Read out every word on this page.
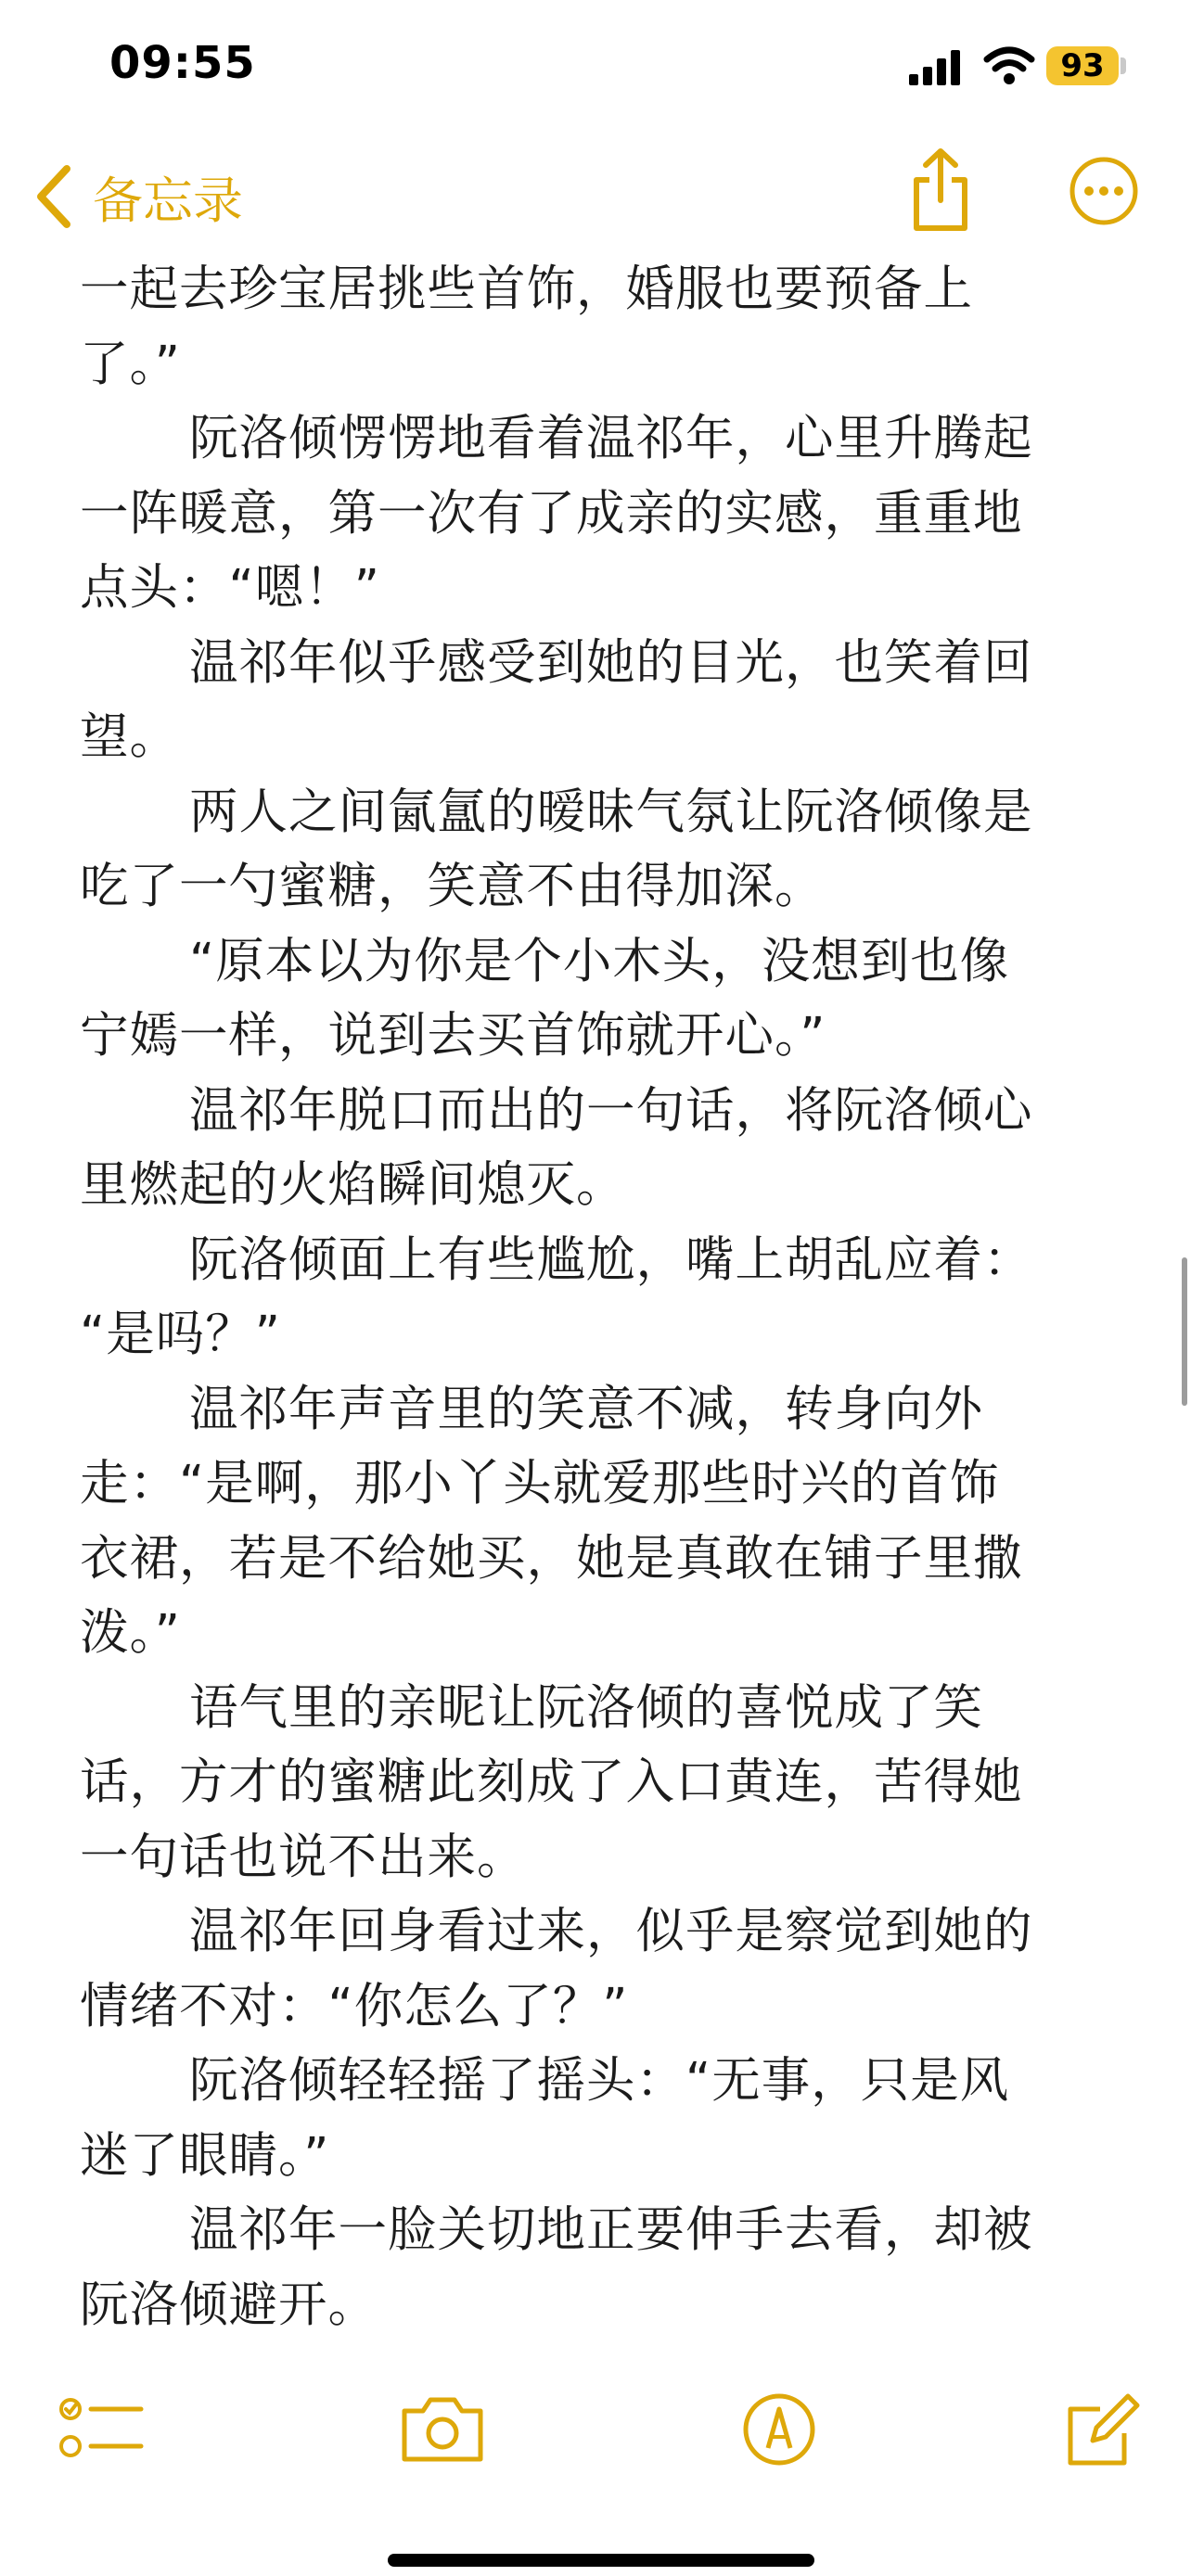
09:55	93
备忘录
一起去珍宝居挑些首饰，婚服也要预备上
了。”
阮洛倾愣愣地看着温祁年，心里升腾起
一阵暖意，第一次有了成亲的实感，重重地
点头：“嗯！”
温祁年似乎感受到她的目光，也笑着回
望。
两人之间氤氲的暧昧气氛让阮洛倾像是
吃了一勺蜜糖，笑意不由得加深。
“原本以为你是个小木头，没想到也像
宁嫣一样，说到去买首饰就开心。”
温祁年脱口而出的一句话，将阮洛倾心
里燃起的火焰瞬间熄灭。
阮洛倾面上有些尴尬，嘴上胡乱应着：
“是吗？”
温祁年声音里的笑意不减，转身向外
走：“是啊，那小丫头就爱那些时兴的首饰
衣裙，若是不给她买，她是真敢在铺子里撒
泼。”
语气里的亲昵让阮洛倾的喜悦成了笑
话，方才的蜜糖此刻成了入口黄连，苦得她
一句话也说不出来。
温祁年回身看过来，似乎是察觉到她的
情绪不对：“你怎么了？”
阮洛倾轻轻摇了摇头：“无事，只是风
迷了眼睛。”
温祁年一脸关切地正要伸手去看，却被
阮洛倾避开。
